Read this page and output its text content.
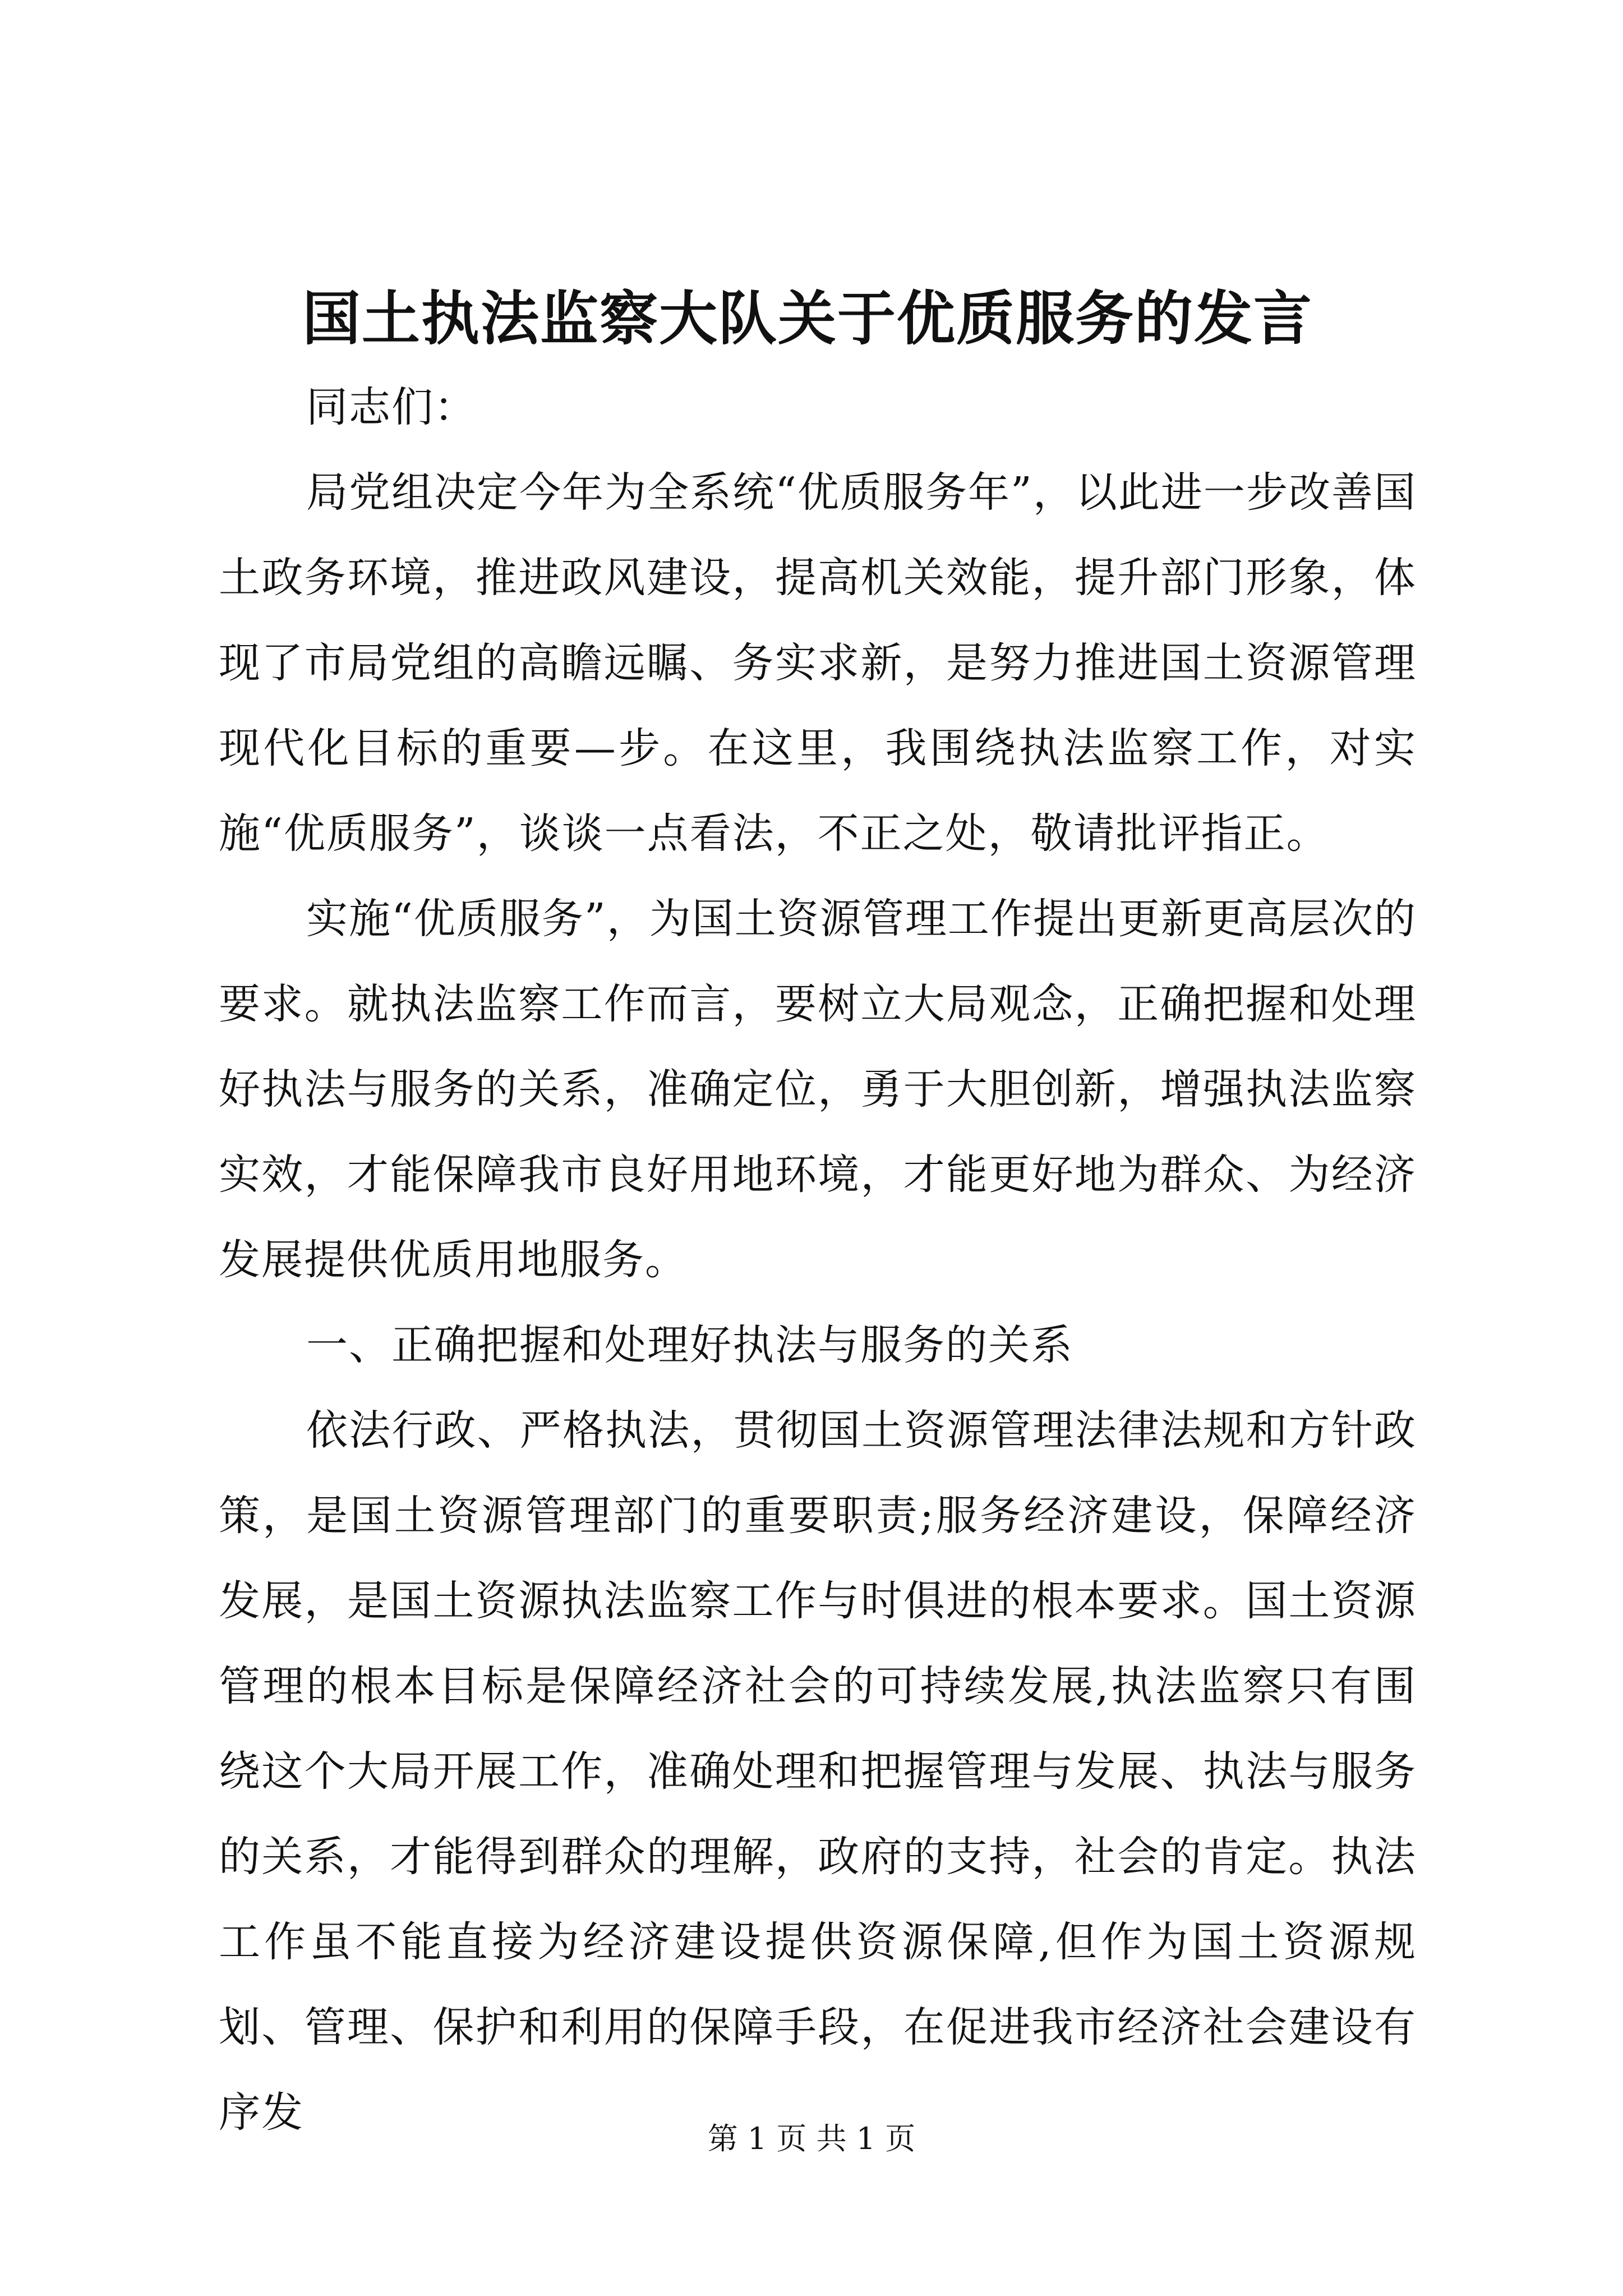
国土执法监察大队关于优质服务的发言

同志们：

局党组决定今年为全系统“优质服务年”，以此进一步改善国土政务环境，推进政风建设，提高机关效能，提升部门形象，体现了市局党组的高瞻远瞩、务实求新，是努力推进国土资源管理现代化目标的重要—步。在这里，我围绕执法监察工作，对实施“优质服务”，谈谈一点看法，不正之处，敬请批评指正。

实施“优质服务”，为国土资源管理工作提出更新更高层次的要求。就执法监察工作而言，要树立大局观念，正确把握和处理好执法与服务的关系，准确定位，勇于大胆创新，增强执法监察实效，才能保障我市良好用地环境，才能更好地为群众、为经济发展提供优质用地服务。

一、正确把握和处理好执法与服务的关系

依法行政、严格执法，贯彻国土资源管理法律法规和方针政策，是国土资源管理部门的重要职责;服务经济建设，保障经济发展，是国土资源执法监察工作与时俱进的根本要求。国土资源管理的根本目标是保障经济社会的可持续发展,执法监察只有围绕这个大局开展工作，准确处理和把握管理与发展、执法与服务的关系，才能得到群众的理解，政府的支持，社会的肯定。执法工作虽不能直接为经济建设提供资源保障,但作为国土资源规划、管理、保护和利用的保障手段，在促进我市经济社会建设有序发

第 1 页 共 1 页
